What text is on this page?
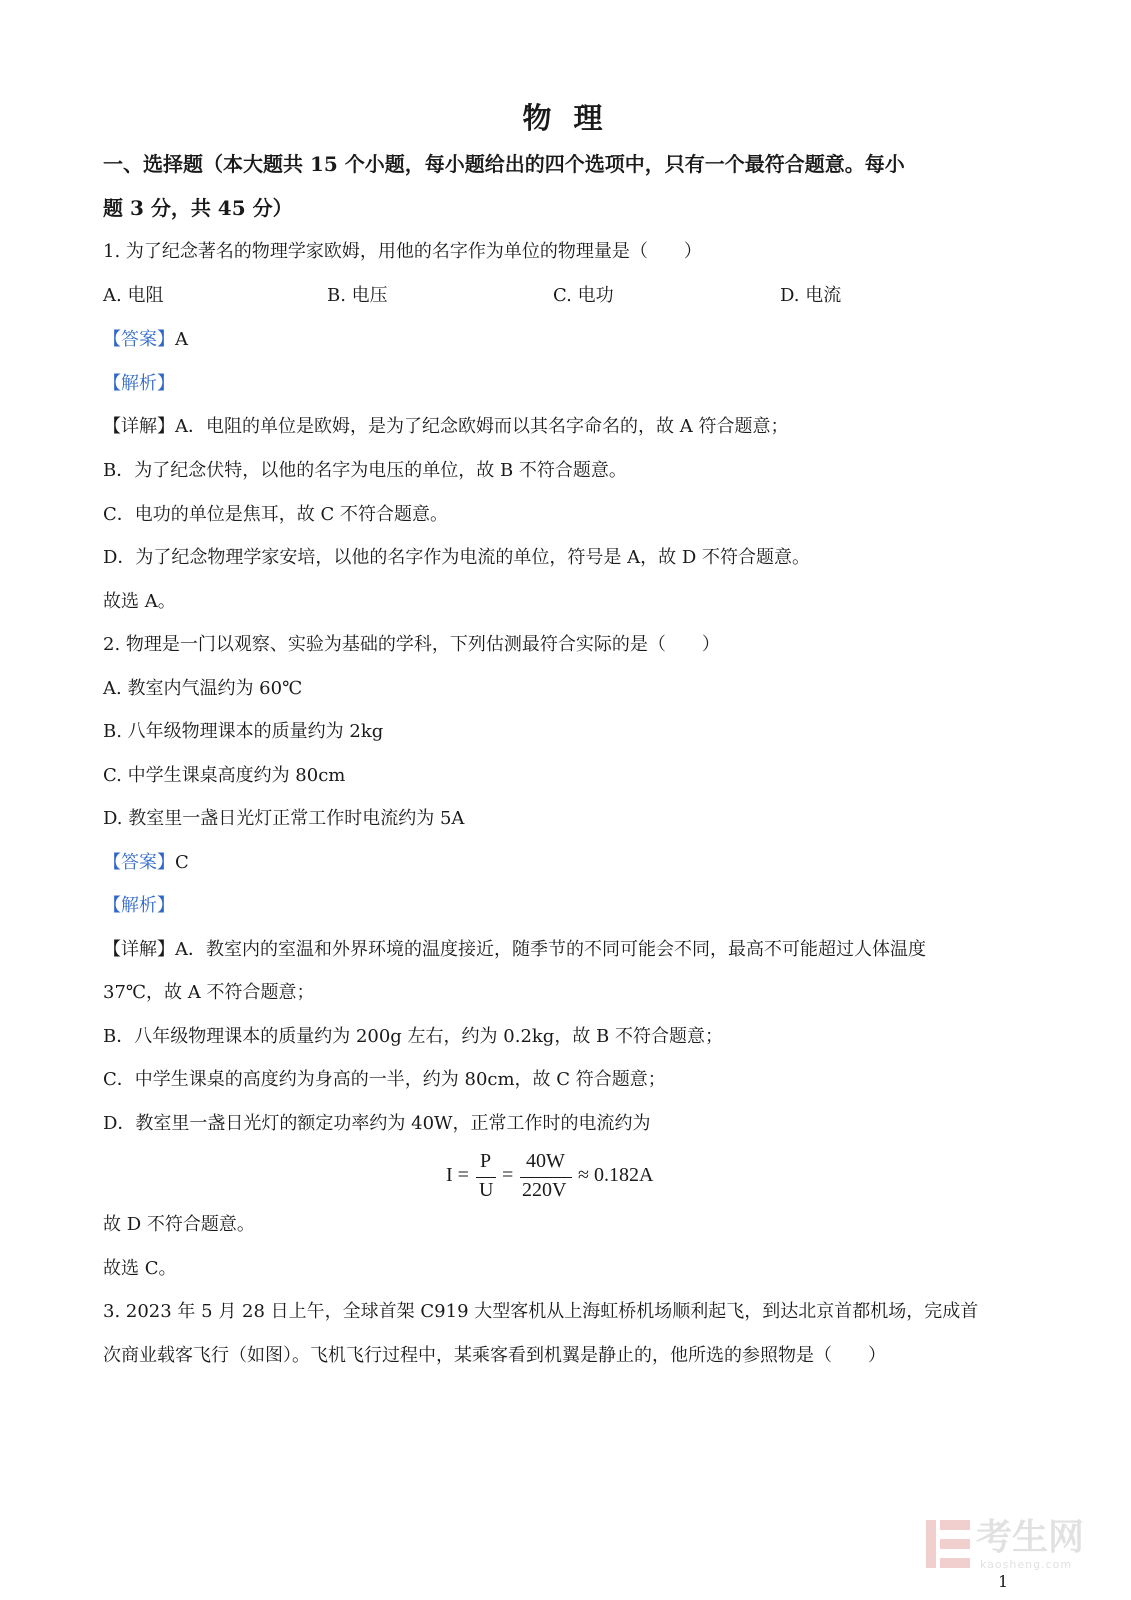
物 理
一、选择题（本大题共 15 个小题，每小题给出的四个选项中，只有一个最符合题意。每小
题 3 分，共 45 分）
1. 为了纪念著名的物理学家欧姆，用他的名字作为单位的物理量是（　　）
A. 电阻	B. 电压	C. 电功	D. 电流
【答案】A
【解析】
【详解】A．电阻的单位是欧姆，是为了纪念欧姆而以其名字命名的，故 A 符合题意；
B．为了纪念伏特，以他的名字为电压的单位，故 B 不符合题意。
C．电功的单位是焦耳，故 C 不符合题意。
D．为了纪念物理学家安培，以他的名字作为电流的单位，符号是 A，故 D 不符合题意。
故选 A。
2. 物理是一门以观察、实验为基础的学科，下列估测最符合实际的是（　　）
A. 教室内气温约为 60℃
B. 八年级物理课本的质量约为 2kg
C. 中学生课桌高度约为 80cm
D. 教室里一盏日光灯正常工作时电流约为 5A
【答案】C
【解析】
【详解】A．教室内的室温和外界环境的温度接近，随季节的不同可能会不同，最高不可能超过人体温度
37℃，故 A 不符合题意；
B．八年级物理课本的质量约为 200g 左右，约为 0.2kg，故 B 不符合题意；
C．中学生课桌的高度约为身高的一半，约为 80cm，故 C 符合题意；
D．教室里一盏日光灯的额定功率约为 40W，正常工作时的电流约为
I =
P
U
=
40W
220V
≈ 0.182A
故 D 不符合题意。
故选 C。
3. 2023 年 5 月 28 日上午，全球首架 C919 大型客机从上海虹桥机场顺利起飞，到达北京首都机场，完成首
次商业载客飞行（如图）。飞机飞行过程中，某乘客看到机翼是静止的，他所选的参照物是（　　）
考生网
kaosheng.com
1
